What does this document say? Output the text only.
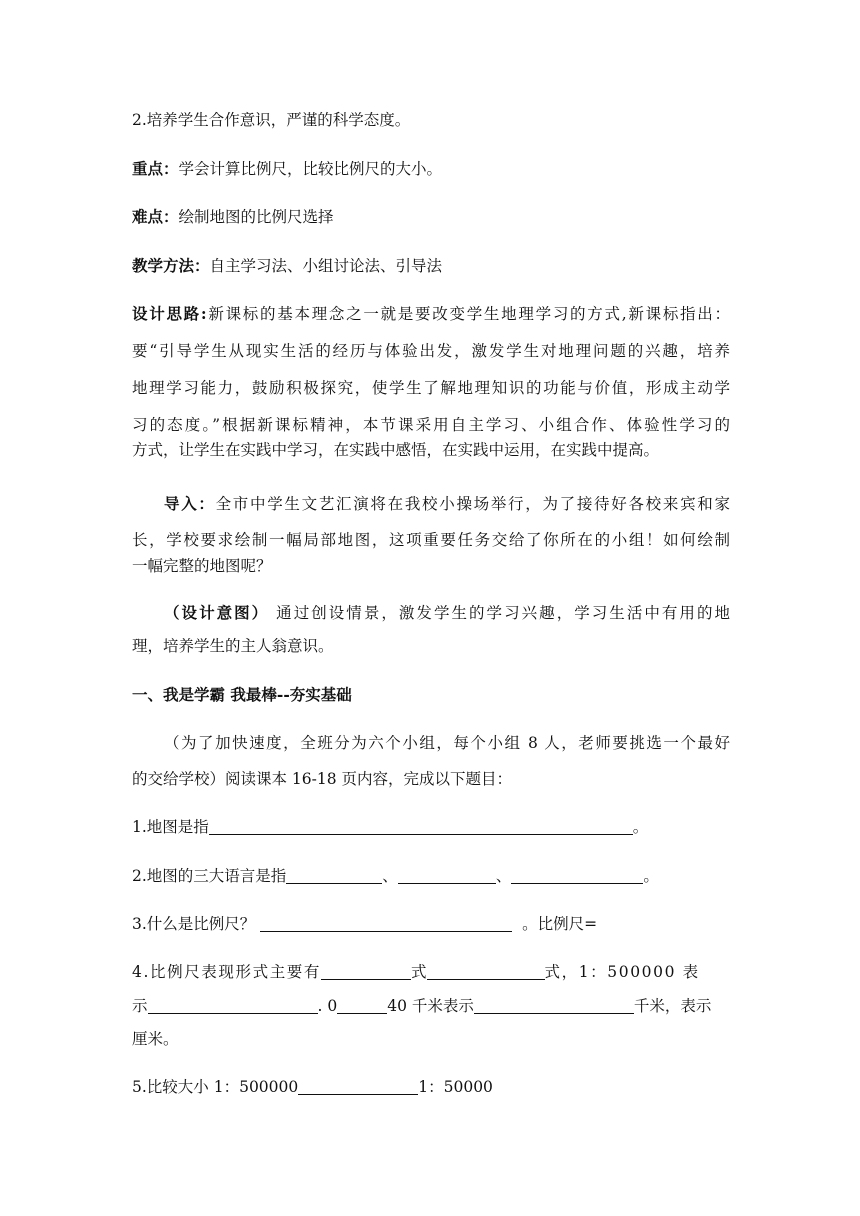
2.培养学生合作意识，严谨的科学态度。
重点：学会计算比例尺，比较比例尺的大小。
难点：绘制地图的比例尺选择
教学方法：自主学习法、小组讨论法、引导法
设计思路:新课标的基本理念之一就是要改变学生地理学习的方式,新课标指出：
要“引导学生从现实生活的经历与体验出发，激发学生对地理问题的兴趣，培养
地理学习能力，鼓励积极探究，使学生了解地理知识的功能与价值，形成主动学
习的态度。”根据新课标精神，本节课采用自主学习、小组合作、体验性学习的
方式，让学生在实践中学习，在实践中感悟，在实践中运用，在实践中提高。
导入：全市中学生文艺汇演将在我校小操场举行，为了接待好各校来宾和家
长，学校要求绘制一幅局部地图，这项重要任务交给了你所在的小组！如何绘制
一幅完整的地图呢？
（设计意图） 通过创设情景，激发学生的学习兴趣，学习生活中有用的地
理，培养学生的主人翁意识。
一、我是学霸 我最棒--夯实基础
（为了加快速度，全班分为六个小组，每个小组 8 人，老师要挑选一个最好
的交给学校）阅读课本 16-18 页内容，完成以下题目：
1.地图是指	。
2.地图的三大语言是指	、	、	。
3.什么是比例尺？	。比例尺=
4.比例尺表现形式主要有	式	式，1：500000 表
示	. 0	40 千米表示	千米，表示
厘米。
5.比较大小 1：500000	1：50000
